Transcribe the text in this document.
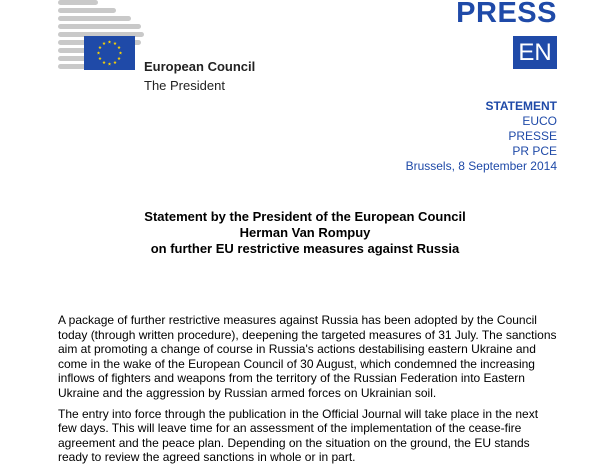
European Council
The President
PRESS
EN
STATEMENT
EUCO
PRESSE
PR PCE
Brussels, 8 September 2014
Statement by the President of the European Council
Herman Van Rompuy
on further EU restrictive measures against Russia

A package of further restrictive measures against Russia has been adopted by the Council today (through written procedure), deepening the targeted measures of 31 July. The sanctions aim at promoting a change of course in Russia's actions destabilising eastern Ukraine and come in the wake of the European Council of 30 August, which condemned the increasing inflows of fighters and weapons from the territory of the Russian Federation into Eastern Ukraine and the aggression by Russian armed forces on Ukrainian soil.

The entry into force through the publication in the Official Journal will take place in the next few days. This will leave time for an assessment of the implementation of the cease-fire agreement and the peace plan. Depending on the situation on the ground, the EU stands ready to review the agreed sanctions in whole or in part.
